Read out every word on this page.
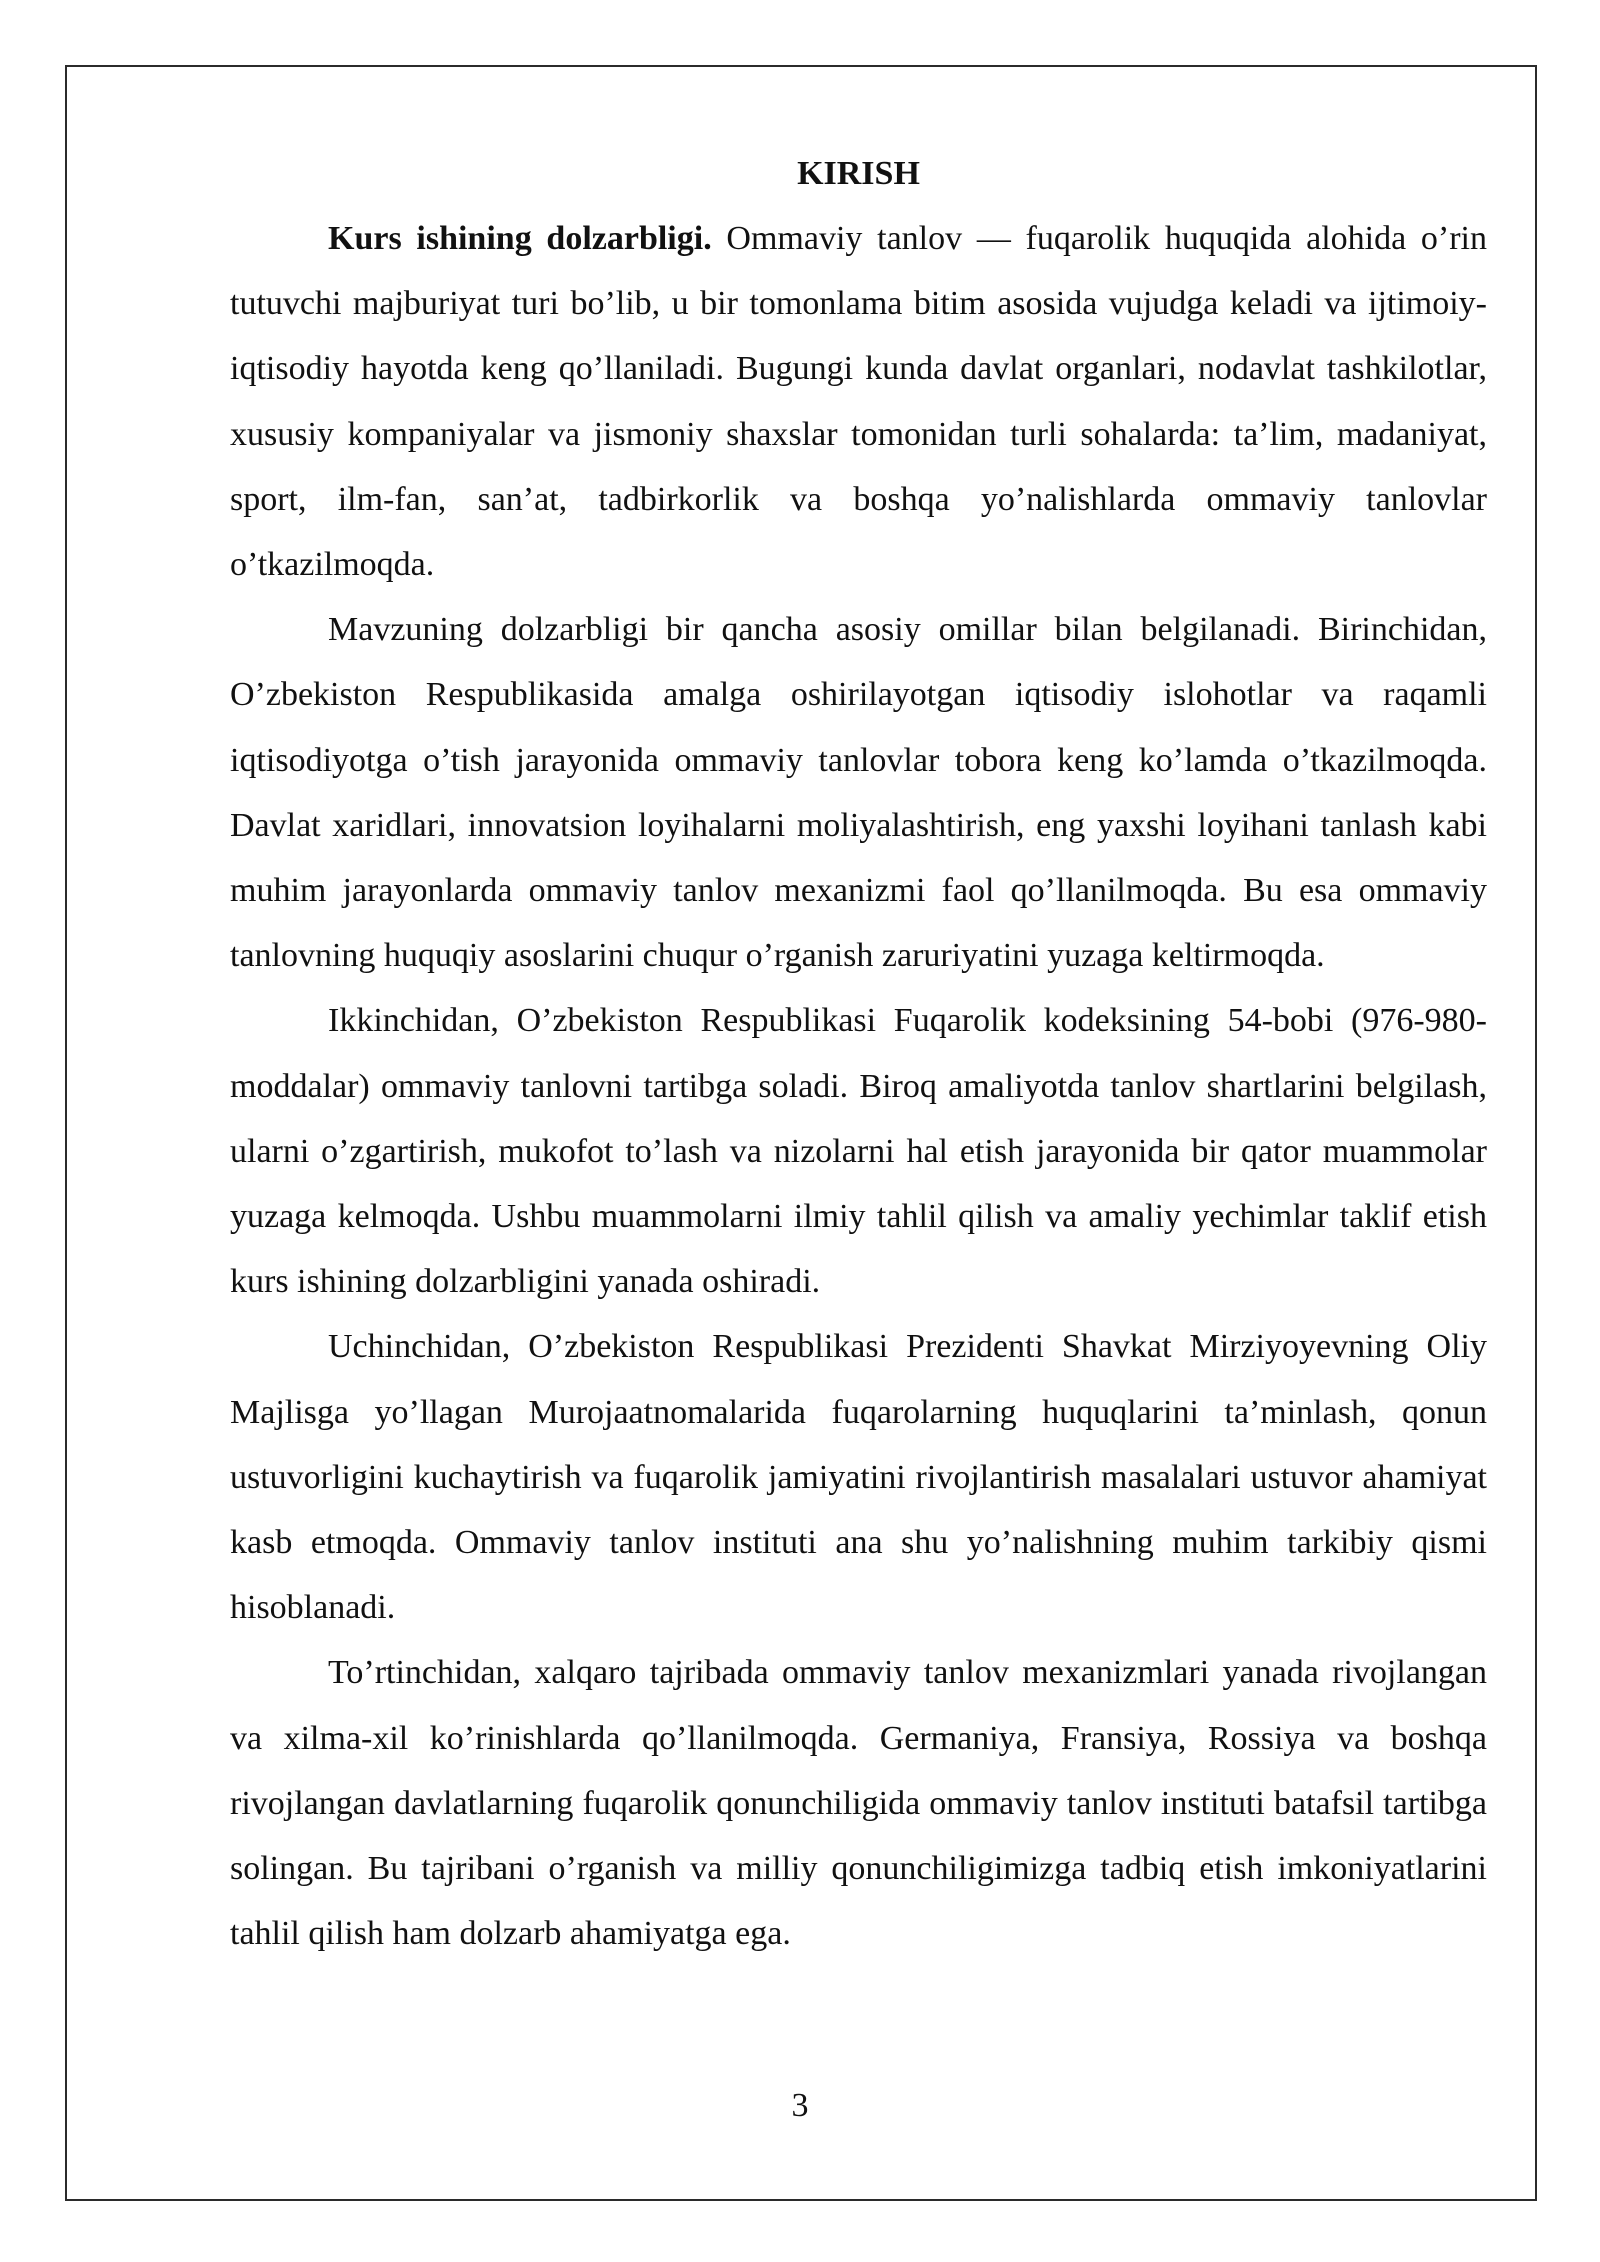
KIRISH

Kurs ishining dolzarbligi. Ommaviy tanlov — fuqarolik huquqida alohida o’rin tutuvchi majburiyat turi bo’lib, u bir tomonlama bitim asosida vujudga keladi va ijtimoiy-iqtisodiy hayotda keng qo’llaniladi. Bugungi kunda davlat organlari, nodavlat tashkilotlar, xususiy kompaniyalar va jismoniy shaxslar tomonidan turli sohalarda: ta’lim, madaniyat, sport, ilm-fan, san’at, tadbirkorlik va boshqa yo’nalishlarda ommaviy tanlovlar o’tkazilmoqda.

Mavzuning dolzarbligi bir qancha asosiy omillar bilan belgilanadi. Birinchidan, O’zbekiston Respublikasida amalga oshirilayotgan iqtisodiy islohotlar va raqamli iqtisodiyotga o’tish jarayonida ommaviy tanlovlar tobora keng ko’lamda o’tkazilmoqda. Davlat xaridlari, innovatsion loyihalarni moliyalashtirish, eng yaxshi loyihani tanlash kabi muhim jarayonlarda ommaviy tanlov mexanizmi faol qo’llanilmoqda. Bu esa ommaviy tanlovning huquqiy asoslarini chuqur o’rganish zaruriyatini yuzaga keltirmoqda.

Ikkinchidan, O’zbekiston Respublikasi Fuqarolik kodeksining 54-bobi (976-980-moddalar) ommaviy tanlovni tartibga soladi. Biroq amaliyotda tanlov shartlarini belgilash, ularni o’zgartirish, mukofot to’lash va nizolarni hal etish jarayonida bir qator muammolar yuzaga kelmoqda. Ushbu muammolarni ilmiy tahlil qilish va amaliy yechimlar taklif etish kurs ishining dolzarbligini yanada oshiradi.

Uchinchidan, O’zbekiston Respublikasi Prezidenti Shavkat Mirziyoyevning Oliy Majlisga yo’llagan Murojaatnomalarida fuqarolarning huquqlarini ta’minlash, qonun ustuvorligini kuchaytirish va fuqarolik jamiyatini rivojlantirish masalalari ustuvor ahamiyat kasb etmoqda. Ommaviy tanlov instituti ana shu yo’nalishning muhim tarkibiy qismi hisoblanadi.

To’rtinchidan, xalqaro tajribada ommaviy tanlov mexanizmlari yanada rivojlangan va xilma-xil ko’rinishlarda qo’llanilmoqda. Germaniya, Fransiya, Rossiya va boshqa rivojlangan davlatlarning fuqarolik qonunchiligida ommaviy tanlov instituti batafsil tartibga solingan. Bu tajribani o’rganish va milliy qonunchiligimizga tadbiq etish imkoniyatlarini tahlil qilish ham dolzarb ahamiyatga ega.

3
